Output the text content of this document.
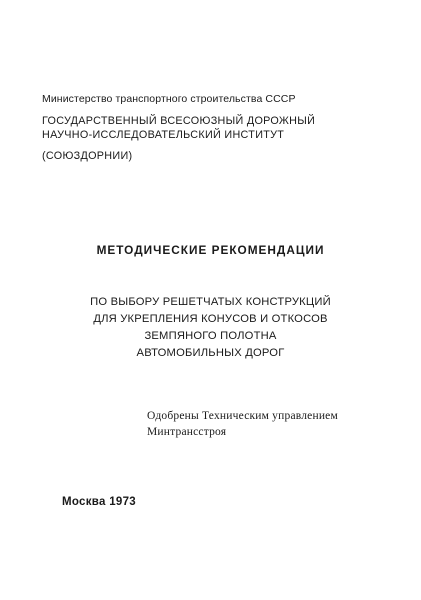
Министерство транспортного строительства СССР
ГОСУДАРСТВЕННЫЙ ВСЕСОЮЗНЫЙ ДОРОЖНЫЙ
НАУЧНО-ИССЛЕДОВАТЕЛЬСКИЙ ИНСТИТУТ
(СОЮЗДОРНИИ)
МЕТОДИЧЕСКИЕ РЕКОМЕНДАЦИИ
ПО ВЫБОРУ РЕШЕТЧАТЫХ КОНСТРУКЦИЙ
ДЛЯ УКРЕПЛЕНИЯ КОНУСОВ И ОТКОСОВ
ЗЕМПЯНОГО ПОЛОТНА
АВТОМОБИЛЬНЫХ ДОРОГ
Одобрены Техническим управлением
Минтрансстроя
Москва 1973
